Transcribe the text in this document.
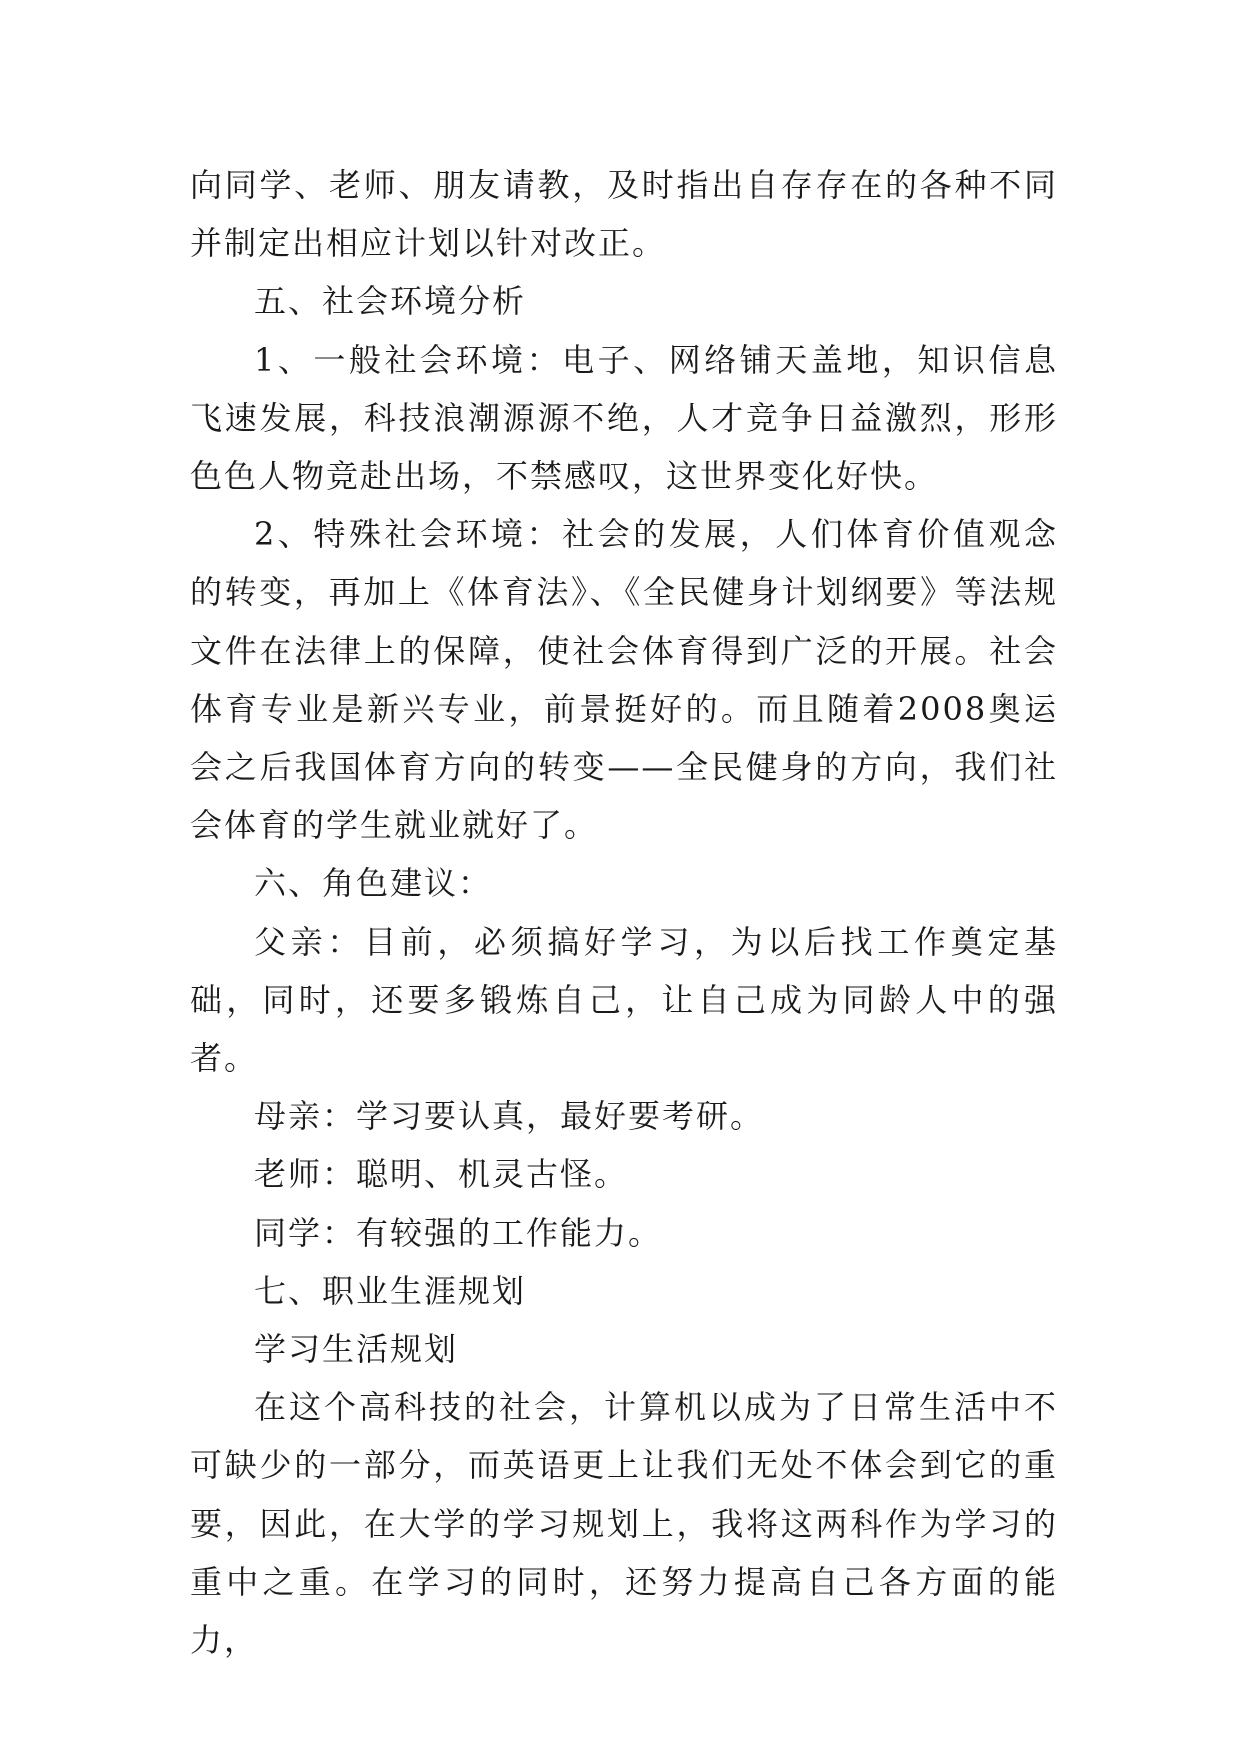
向同学、老师、朋友请教，及时指出自存存在的各种不同并制定出相应计划以针对改正。

五、社会环境分析

1、一般社会环境：电子、网络铺天盖地，知识信息飞速发展，科技浪潮源源不绝，人才竞争日益激烈，形形色色人物竞赴出场，不禁感叹，这世界变化好快。

2、特殊社会环境：社会的发展，人们体育价值观念的转变，再加上《体育法》、《全民健身计划纲要》等法规文件在法律上的保障，使社会体育得到广泛的开展。社会体育专业是新兴专业，前景挺好的。而且随着2008奥运会之后我国体育方向的转变——全民健身的方向，我们社会体育的学生就业就好了。

六、角色建议：

父亲：目前，必须搞好学习，为以后找工作奠定基础，同时，还要多锻炼自己，让自己成为同龄人中的强者。

母亲：学习要认真，最好要考研。

老师：聪明、机灵古怪。

同学：有较强的工作能力。

七、职业生涯规划

学习生活规划

在这个高科技的社会，计算机以成为了日常生活中不可缺少的一部分，而英语更上让我们无处不体会到它的重要，因此，在大学的学习规划上，我将这两科作为学习的重中之重。在学习的同时，还努力提高自己各方面的能力，
